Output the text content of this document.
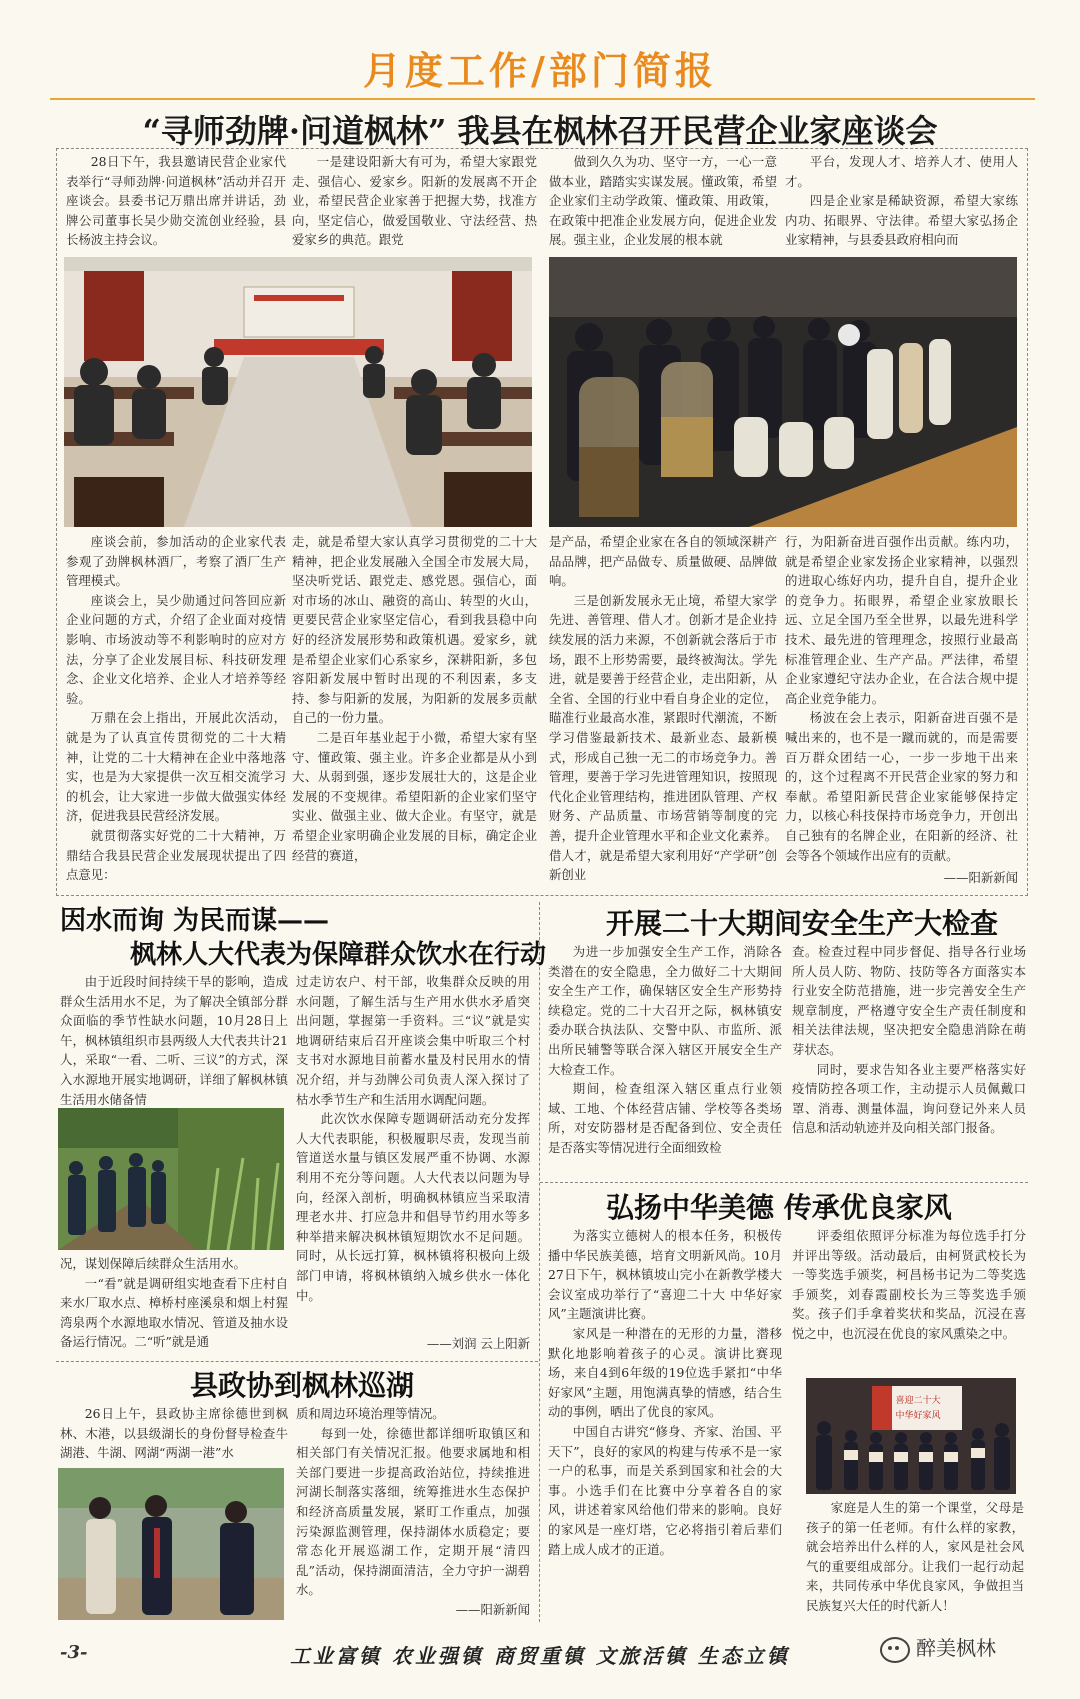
月度工作/部门简报
“寻师劲牌·问道枫林” 我县在枫林召开民营企业家座谈会

28日下午，我县邀请民营企业家代表举行“寻师劲牌·问道枫林”活动并召开座谈会。县委书记万鼎出席并讲话，劲牌公司董事长吴少勋交流创业经验，县长杨波主持会议。

一是建设阳新大有可为，希望大家跟党走、强信心、爱家乡。阳新的发展离不开企业，希望民营企业家善于把握大势，找准方向，坚定信心，做爱国敬业、守法经营、热爱家乡的典范。跟党

做到久久为功、坚守一方，一心一意做本业，踏踏实实谋发展。懂政策，希望企业家们主动学政策、懂政策、用政策，在政策中把准企业发展方向，促进企业发展。强主业，企业发展的根本就

平台，发现人才、培养人才、使用人才。

四是企业家是稀缺资源，希望大家练内功、拓眼界、守法律。希望大家弘扬企业家精神，与县委县政府相向而

座谈会前，参加活动的企业家代表参观了劲牌枫林酒厂，考察了酒厂生产管理模式。

座谈会上，吴少勋通过问答回应新企业问题的方式，介绍了企业面对疫情影响、市场波动等不利影响时的应对方法，分享了企业发展目标、科技研发理念、企业文化培养、企业人才培养等经验。

万鼎在会上指出，开展此次活动，就是为了认真宣传贯彻党的二十大精神，让党的二十大精神在企业中落地落实，也是为大家提供一次互相交流学习的机会，让大家进一步做大做强实体经济，促进我县民营经济发展。

就贯彻落实好党的二十大精神，万鼎结合我县民营企业发展现状提出了四点意见：

走，就是希望大家认真学习贯彻党的二十大精神，把企业发展融入全国全市发展大局，坚决听党话、跟党走、感党恩。强信心，面对市场的冰山、融资的高山、转型的火山，更要民营企业家坚定信心，看到我县稳中向好的经济发展形势和政策机遇。爱家乡，就是希望企业家们心系家乡，深耕阳新，多包容阳新发展中暂时出现的不利因素，多支持、参与阳新的发展，为阳新的发展多贡献自己的一份力量。

二是百年基业起于小微，希望大家有坚守、懂政策、强主业。许多企业都是从小到大、从弱到强，逐步发展壮大的，这是企业发展的不变规律。希望阳新的企业家们坚守实业、做强主业、做大企业。有坚守，就是希望企业家明确企业发展的目标，确定企业经营的赛道，

是产品，希望企业家在各自的领域深耕产品品牌，把产品做专、质量做硬、品牌做响。

三是创新发展永无止境，希望大家学先进、善管理、借人才。创新才是企业持续发展的活力来源，不创新就会落后于市场，跟不上形势需要，最终被淘汰。学先进，就是要善于经营企业，走出阳新，从全省、全国的行业中看自身企业的定位，瞄准行业最高水准，紧跟时代潮流，不断学习借鉴最新技术、最新业态、最新模式，形成自己独一无二的市场竞争力。善管理，要善于学习先进管理知识，按照现代化企业管理结构，推进团队管理、产权财务、产品质量、市场营销等制度的完善，提升企业管理水平和企业文化素养。借人才，就是希望大家利用好“产学研”创新创业

行，为阳新奋进百强作出贡献。练内功，就是希望企业家发扬企业家精神，以强烈的进取心练好内功，提升自自，提升企业的竞争力。拓眼界，希望企业家放眼长远、立足全国乃至全世界，以最先进科学技术、最先进的管理理念，按照行业最高标准管理企业、生产产品。严法律，希望企业家遵纪守法办企业，在合法合规中提高企业竞争能力。

杨波在会上表示，阳新奋进百强不是喊出来的，也不是一蹴而就的，而是需要百万群众团结一心，一步一步地干出来的，这个过程离不开民营企业家的努力和奉献。希望阳新民营企业家能够保持定力，以核心科技保持市场竞争力，开创出自己独有的名牌企业，在阳新的经济、社会等各个领域作出应有的贡献。

——阳新新闻
因水而询 为民而谋——
枫林人大代表为保障群众饮水在行动

由于近段时间持续干旱的影响，造成群众生活用水不足，为了解决全镇部分群众面临的季节性缺水问题，10月28日上午，枫林镇组织市县两级人大代表共计21人，采取“一看、二听、三议”的方式，深入水源地开展实地调研，详细了解枫林镇生活用水储备情

况，谋划保障后续群众生活用水。

一“看”就是调研组实地查看下庄村自来水厂取水点、樟桥村座溪泉和烟上村猩湾泉两个水源地取水情况、管道及抽水设备运行情况。二“听”就是通

过走访农户、村干部，收集群众反映的用水问题，了解生活与生产用水供水矛盾突出问题，掌握第一手资料。三“议”就是实地调研结束后召开座谈会集中听取三个村支书对水源地目前蓄水量及村民用水的情况介绍，并与劲牌公司负责人深入探讨了枯水季节生产和生活用水调配问题。

此次饮水保障专题调研活动充分发挥人大代表职能，积极履职尽责，发现当前管道送水量与镇区发展严重不协调、水源利用不充分等问题。人大代表以问题为导向，经深入剖析，明确枫林镇应当采取清理老水井、打应急井和倡导节约用水等多种举措来解决枫林镇短期饮水不足问题。同时，从长远打算，枫林镇将积极向上级部门申请，将枫林镇纳入城乡供水一体化中。

——刘润 云上阳新
县政协到枫林巡湖

26日上午，县政协主席徐德世到枫林、木港，以县级湖长的身份督导检查牛湖港、牛湖、网湖“两湖一港”水

质和周边环境治理等情况。

每到一处，徐德世都详细听取镇区和相关部门有关情况汇报。他要求属地和相关部门要进一步提高政治站位，持续推进河湖长制落实落细，统筹推进水生态保护和经济高质量发展，紧盯工作重点，加强污染源监测管理，保持湖体水质稳定；要常态化开展巡湖工作，定期开展“清四乱”活动，保持湖面清洁，全力守护一湖碧水。

——阳新新闻
开展二十大期间安全生产大检查

为进一步加强安全生产工作，消除各类潜在的安全隐患，全力做好二十大期间安全生产工作，确保辖区安全生产形势持续稳定。党的二十大召开之际，枫林镇安委办联合执法队、交警中队、市监所、派出所民辅警等联合深入辖区开展安全生产大检查工作。

期间，检查组深入辖区重点行业领域、工地、个体经营店铺、学校等各类场所，对安防器材是否配备到位、安全责任是否落实等情况进行全面细致检

查。检查过程中同步督促、指导各行业场所人员人防、物防、技防等各方面落实本行业安全防范措施，进一步完善安全生产规章制度，严格遵守安全生产责任制度和相关法律法规，坚决把安全隐患消除在萌芽状态。

同时，要求告知各业主要严格落实好疫情防控各项工作，主动提示人员佩戴口罩、消毒、测量体温，询问登记外来人员信息和活动轨迹并及向相关部门报备。

弘扬中华美德 传承优良家风

为落实立德树人的根本任务，积极传播中华民族美德，培育文明新风尚。10月27日下午，枫林镇坡山完小在新教学楼大会议室成功举行了“喜迎二十大 中华好家风”主题演讲比赛。

家风是一种潜在的无形的力量，潜移默化地影响着孩子的心灵。演讲比赛现场，来自4到6年级的19位选手紧扣“中华好家风”主题，用饱满真挚的情感，结合生动的事例，晒出了优良的家风。

中国自古讲究“修身、齐家、治国、平天下”，良好的家风的构建与传承不是一家一户的私事，而是关系到国家和社会的大事。小选手们在比赛中分享着各自的家风，讲述着家风给他们带来的影响。良好的家风是一座灯塔，它必将指引着后辈们踏上成人成才的正道。

评委组依照评分标准为每位选手打分并评出等级。活动最后，由柯贤武校长为一等奖选手颁奖，柯昌杨书记为二等奖选手颁奖，刘春霞副校长为三等奖选手颁奖。孩子们手拿着奖状和奖品，沉浸在喜悦之中，也沉浸在优良的家风熏染之中。

喜迎二十大
中华好家风

家庭是人生的第一个课堂，父母是孩子的第一任老师。有什么样的家教，就会培养出什么样的人，家风是社会风气的重要组成部分。让我们一起行动起来，共同传承中华优良家风，争做担当民族复兴大任的时代新人！

-3-	工业富镇 农业强镇 商贸重镇 文旅活镇 生态立镇	醉美枫林
